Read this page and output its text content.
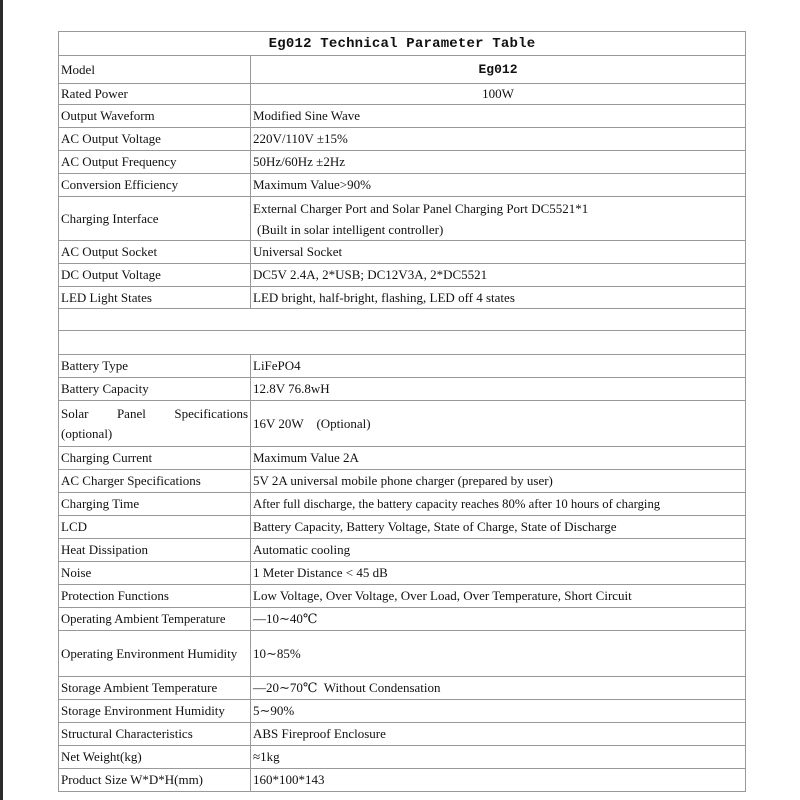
Eg012 Technical Parameter Table	
Model	Eg012
Rated Power	100W
Output Waveform	Modified Sine Wave
AC Output Voltage	220V/110V ±15%
AC Output Frequency	50Hz/60Hz ±2Hz
Conversion Efficiency	Maximum Value>90%
Charging Interface	External Charger Port and Solar Panel Charging Port DC5521*1
(Built in solar intelligent controller)

AC Output Socket	Universal Socket
DC Output Voltage	DC5V 2.4A, 2*USB; DC12V3A, 2*DC5521
LED Light States	LED bright, half-bright, flashing, LED off 4 states

Battery Type	LiFePO4
Battery Capacity	12.8V 76.8wH
Solar Panel Specifications (optional)	16V 20W    (Optional)
Charging Current	Maximum Value 2A
AC Charger Specifications	5V 2A universal mobile phone charger (prepared by user)
Charging Time	After full discharge, the battery capacity reaches 80% after 10 hours of charging
LCD	Battery Capacity, Battery Voltage, State of Charge, State of Discharge
Heat Dissipation	Automatic cooling
Noise	1 Meter Distance < 45 dB
Protection Functions	Low Voltage, Over Voltage, Over Load, Over Temperature, Short Circuit
Operating Ambient Temperature	—10∼40℃
Operating Environment Humidity	10∼85%
Storage Ambient Temperature	—20∼70℃  Without Condensation
Storage Environment Humidity	5∼90%
Structural Characteristics	ABS Fireproof Enclosure
Net Weight(kg)	≈1kg
Product Size W*D*H(mm)	160*100*143
